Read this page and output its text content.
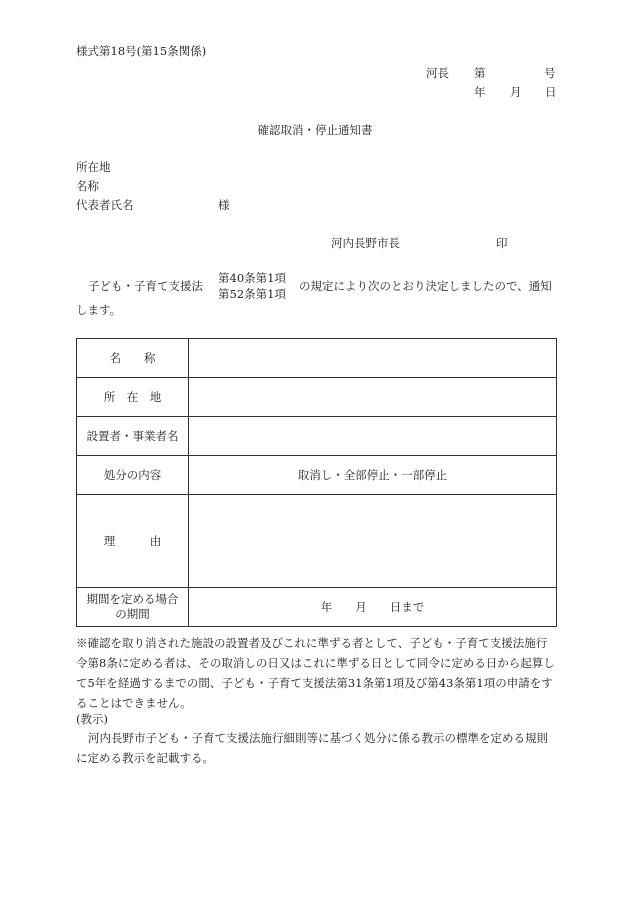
様式第18号(第15条関係)
河長 第	号
年 月 日
確認取消・停止通知書
所在地
名称
代表者氏名	様
河内長野市長	印
子ども・子育て支援法
第40条第1項
第52条第1項
の規定により次のとおり決定しましたので、通知
します。
名　　称	
所　在　地	
設置者・事業者名	
処分の内容	取消し・全部停止・一部停止
理　　　由	
期間を定める場合の期間	年　　月　　日まで
※確認を取り消された施設の設置者及びこれに準ずる者として、子ども・子育て支援法施行令第8条に定める者は、その取消しの日又はこれに準ずる日として同令に定める日から起算して5年を経過するまでの間、子ども・子育て支援法第31条第1項及び第43条第1項の申請をすることはできません。
(教示)
河内長野市子ども・子育て支援法施行細則等に基づく処分に係る教示の標準を定める規則に定める教示を記載する。
